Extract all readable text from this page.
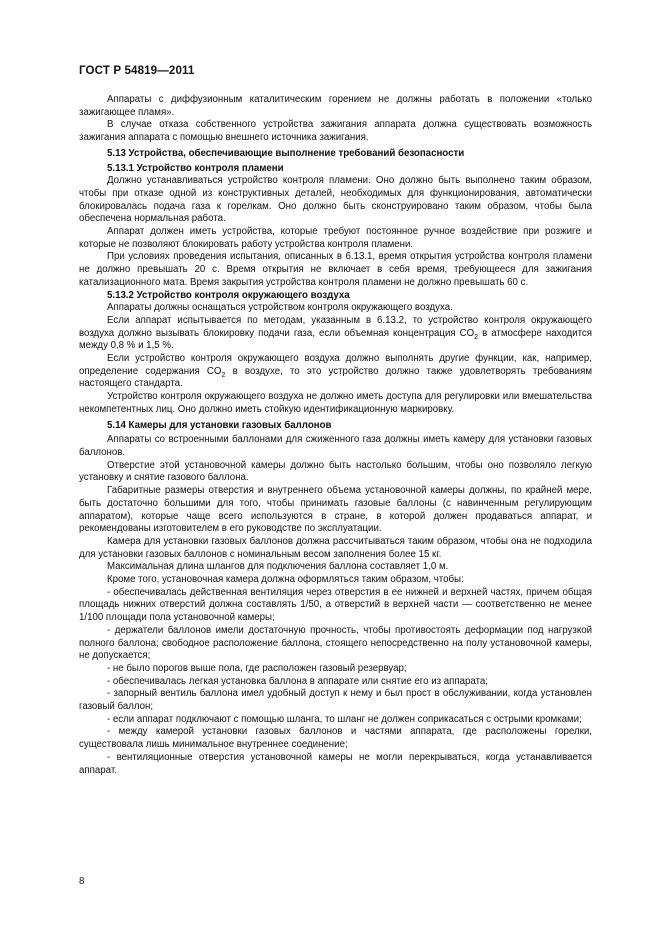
ГОСТ Р 54819—2011

Аппараты с диффузионным каталитическим горением не должны работать в положении «только зажигающее пламя».

В случае отказа собственного устройства зажигания аппарата должна существовать возможность зажигания аппарата с помощью внешнего источника зажигания.

5.13 Устройства, обеспечивающие выполнение требований безопасности

5.13.1 Устройство контроля пламени

Должно устанавливаться устройство контроля пламени. Оно должно быть выполнено таким образом, чтобы при отказе одной из конструктивных деталей, необходимых для функционирования, автоматически блокировалась подача газа к горелкам. Оно должно быть сконструировано таким образом, чтобы была обеспечена нормальная работа.

Аппарат должен иметь устройства, которые требуют постоянное ручное воздействие при розжиге и которые не позволяют блокировать работу устройства контроля пламени.

При условиях проведения испытания, описанных в 6.13.1, время открытия устройства контроля пламени не должно превышать 20 с. Время открытия не включает в себя время, требующееся для зажигания катализационного мата. Время закрытия устройства контроля пламени не должно превышать 60 с.

5.13.2 Устройство контроля окружающего воздуха

Аппараты должны оснащаться устройством контроля окружающего воздуха.

Если аппарат испытывается по методам, указанным в 6.13.2, то устройство контроля окружающего воздуха должно вызывать блокировку подачи газа, если объемная концентрация $CO_2$ в атмосфере находится между 0,8 % и 1,5 %.

Если устройство контроля окружающего воздуха должно выполнять другие функции, как, например, определение содержания $CO_2$ в воздухе, то это устройство должно также удовлетворять требованиям настоящего стандарта.

Устройство контроля окружающего воздуха не должно иметь доступа для регулировки или вмешательства некомпетентных лиц. Оно должно иметь стойкую идентификационную маркировку.

5.14 Камеры для установки газовых баллонов

Аппараты со встроенными баллонами для сжиженного газа должны иметь камеру для установки газовых баллонов.

Отверстие этой установочной камеры должно быть настолько большим, чтобы оно позволяло легкую установку и снятие газового баллона.

Габаритные размеры отверстия и внутреннего объема установочной камеры должны, по крайней мере, быть достаточно большими для того, чтобы принимать газовые баллоны (с навинченным регулирующим аппаратом), которые чаще всего используются в стране, в которой должен продаваться аппарат, и рекомендованы изготовителем в его руководстве по эксплуатации.

Камера для установки газовых баллонов должна рассчитываться таким образом, чтобы она не подходила для установки газовых баллонов с номинальным весом заполнения более 15 кг.

Максимальная длина шлангов для подключения баллона составляет 1,0 м.

Кроме того, установочная камера должна оформляться таким образом, чтобы:

- обеспечивалась действенная вентиляция через отверстия в ее нижней и верхней частях, причем общая площадь нижних отверстий должна составлять 1/50, а отверстий в верхней части — соответственно не менее 1/100 площади пола установочной камеры;

- держатели баллонов имели достаточную прочность, чтобы противостоять деформации под нагрузкой полного баллона; свободное расположение баллона, стоящего непосредственно на полу установочной камеры, не допускается;

- не было порогов выше пола, где расположен газовый резервуар;

- обеспечивалась легкая установка баллона в аппарате или снятие его из аппарата;

- запорный вентиль баллона имел удобный доступ к нему и был прост в обслуживании, когда установлен газовый баллон;

- если аппарат подключают с помощью шланга, то шланг не должен соприкасаться с острыми кромками;

- между камерой установки газовых баллонов и частями аппарата, где расположены горелки, существовала лишь минимальное внутреннее соединение;

- вентиляционные отверстия установочной камеры не могли перекрываться, когда устанавливается аппарат.

8
